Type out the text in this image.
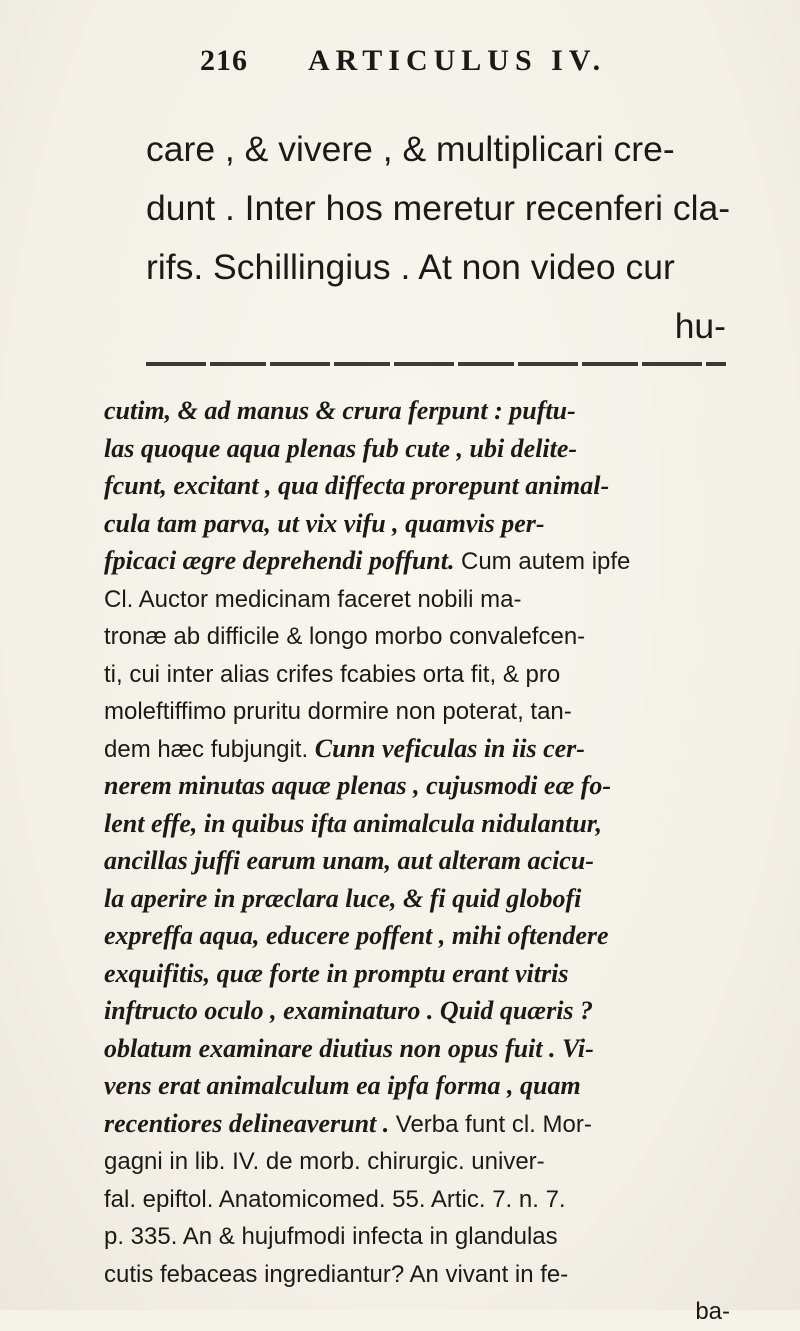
216 ARTICULUS IV.
care , & vivere , & multiplicari cre-
dunt . Inter hos meretur recenferi cla-
rifs. Schillingius . At non video cur
hu-
cutim, & ad manus & crura ferpunt : puftu-
las quoque aqua plenas fub cute , ubi delite-
fcunt, excitant , qua diffecta prorepunt animal-
cula tam parva, ut vix vifu , quamvis per-
fpicaci ægre deprehendi poffunt. Cum autem ipfe
Cl. Auctor medicinam faceret nobili ma-
tronæ ab difficile & longo morbo convalefcen-
ti, cui inter alias crifes fcabies orta fit, & pro
moleftiffimo pruritu dormire non poterat, tan-
dem hæc fubjungit. Cunn veficulas in iis cer-
nerem minutas aquæ plenas , cujusmodi eæ fo-
lent effe, in quibus ifta animalcula nidulantur,
ancillas juffi earum unam, aut alteram acicu-
la aperire in præclara luce, & fi quid globofi
expreffa aqua, educere poffent , mihi oftendere
exquifitis, quæ forte in promptu erant vitris
inftructo oculo , examinaturo . Quid quæris ?
oblatum examinare diutius non opus fuit . Vi-
vens erat animalculum ea ipfa forma , quam
recentiores delineaverunt . Verba funt cl. Mor-
gagni in lib. IV. de morb. chirurgic. univer-
fal. epiftol. Anatomicomed. 55. Artic. 7. n. 7.
p. 335. An & hujufmodi infecta in glandulas
cutis febaceas ingrediantur? An vivant in fe-
ba-
